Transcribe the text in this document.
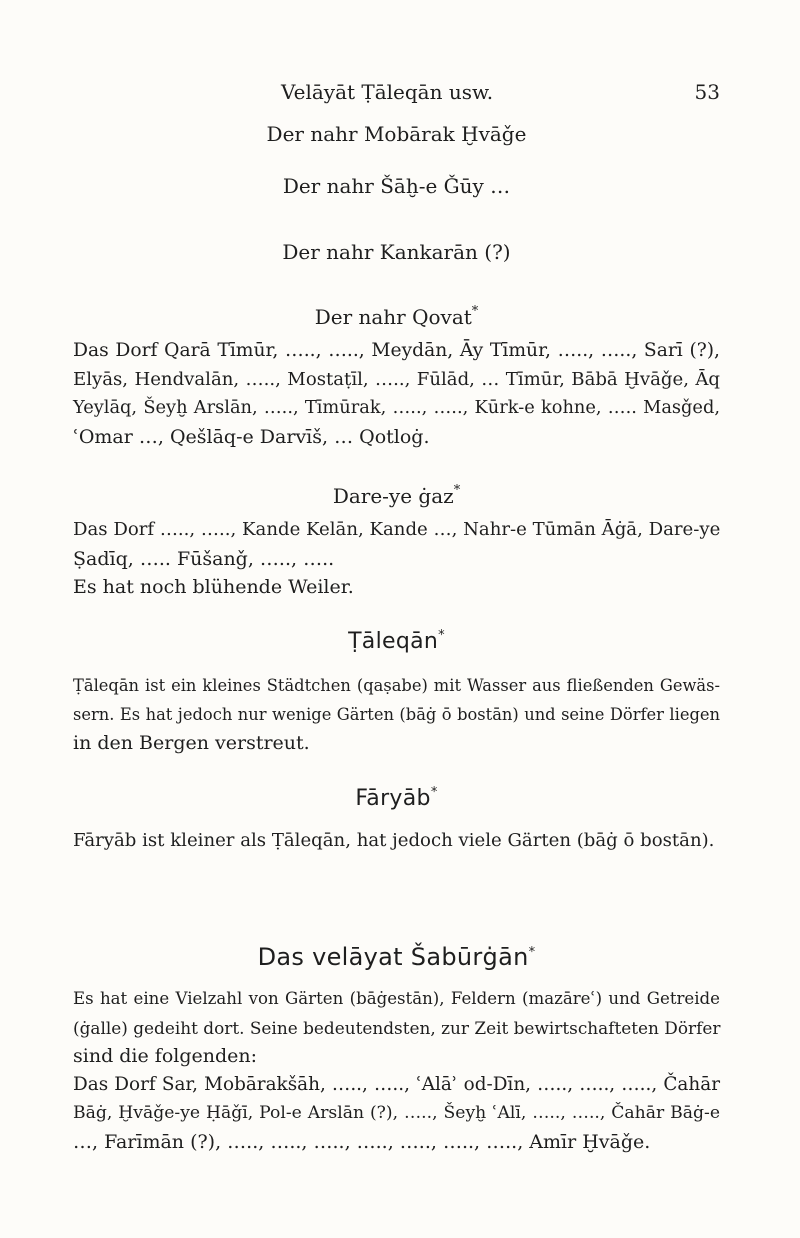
Velāyāt Ṭāleqān usw.	53
Der nahr Mobārak Ḫvāǧe
Der nahr Šāḫ-e Ǧūy …
Der nahr Kankarān (?)
Der nahr Qovat*
Das Dorf Qarā Tīmūr, ….., ….., Meydān, Āy Tīmūr, ….., ….., Sarī (?),
Elyās, Hendvalān, ….., Mostaṭīl, ….., Fūlād, … Tīmūr, Bābā Ḫvāǧe, Āq
Yeylāq, Šeyḫ Arslān, ….., Tīmūrak, ….., ….., Kūrk-e kohne, ….. Masǧed,
ʿOmar …, Qešlāq-e Darvīš, … Qotloġ.
Dare-ye ġaz*
Das Dorf ….., ….., Kande Kelān, Kande …, Nahr-e Tūmān Āġā, Dare-ye
Ṣadīq, ….. Fūšanǧ, ….., …..
Es hat noch blühende Weiler.
Ṭāleqān*
Ṭāleqān ist ein kleines Städtchen (qaṣabe) mit Wasser aus fließenden Gewäs-
sern. Es hat jedoch nur wenige Gärten (bāġ ō bostān) und seine Dörfer liegen
in den Bergen verstreut.
Fāryāb*
Fāryāb ist kleiner als Ṭāleqān, hat jedoch viele Gärten (bāġ ō bostān).
Das velāyat Šabūrġān*
Es hat eine Vielzahl von Gärten (bāġestān), Feldern (mazāreʿ) und Getreide
(ġalle) gedeiht dort. Seine bedeutendsten, zur Zeit bewirtschafteten Dörfer
sind die folgenden:
Das Dorf Sar, Mobārakšāh, ….., ….., ʿAlāʾ od-Dīn, ….., ….., ….., Čahār
Bāġ, Ḫvāǧe-ye Ḥāǧī, Pol-e Arslān (?), ….., Šeyḫ ʿAlī, ….., ….., Čahār Bāġ-e
…, Farīmān (?), ….., ….., ….., ….., ….., ….., ….., Amīr Ḫvāǧe.
